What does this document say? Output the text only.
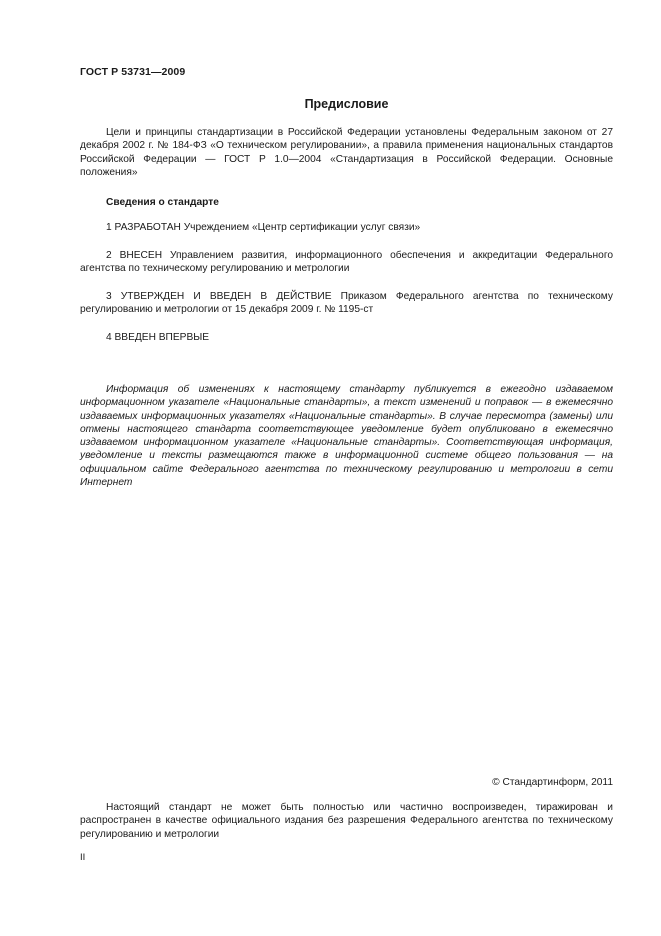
ГОСТ Р 53731—2009
Предисловие

Цели и принципы стандартизации в Российской Федерации установлены Федеральным законом от 27 декабря 2002 г. № 184-ФЗ «О техническом регулировании», а правила применения национальных стандартов Российской Федерации — ГОСТ Р 1.0—2004 «Стандартизация в Российской Федерации. Основные положения»

Сведения о стандарте

1 РАЗРАБОТАН Учреждением «Центр сертификации услуг связи»

2 ВНЕСЕН Управлением развития, информационного обеспечения и аккредитации Федерального агентства по техническому регулированию и метрологии

3 УТВЕРЖДЕН И ВВЕДЕН В ДЕЙСТВИЕ Приказом Федерального агентства по техническому регулированию и метрологии от 15 декабря 2009 г. № 1195-ст

4 ВВЕДЕН ВПЕРВЫЕ

Информация об изменениях к настоящему стандарту публикуется в ежегодно издаваемом информационном указателе «Национальные стандарты», а текст изменений и поправок — в ежемесячно издаваемых информационных указателях «Национальные стандарты». В случае пересмотра (замены) или отмены настоящего стандарта соответствующее уведомление будет опубликовано в ежемесячно издаваемом информационном указателе «Национальные стандарты». Соответствующая информация, уведомление и тексты размещаются также в информационной системе общего пользования — на официальном сайте Федерального агентства по техническому регулированию и метрологии в сети Интернет

© Стандартинформ, 2011

Настоящий стандарт не может быть полностью или частично воспроизведен, тиражирован и распространен в качестве официального издания без разрешения Федерального агентства по техническому регулированию и метрологии

II
